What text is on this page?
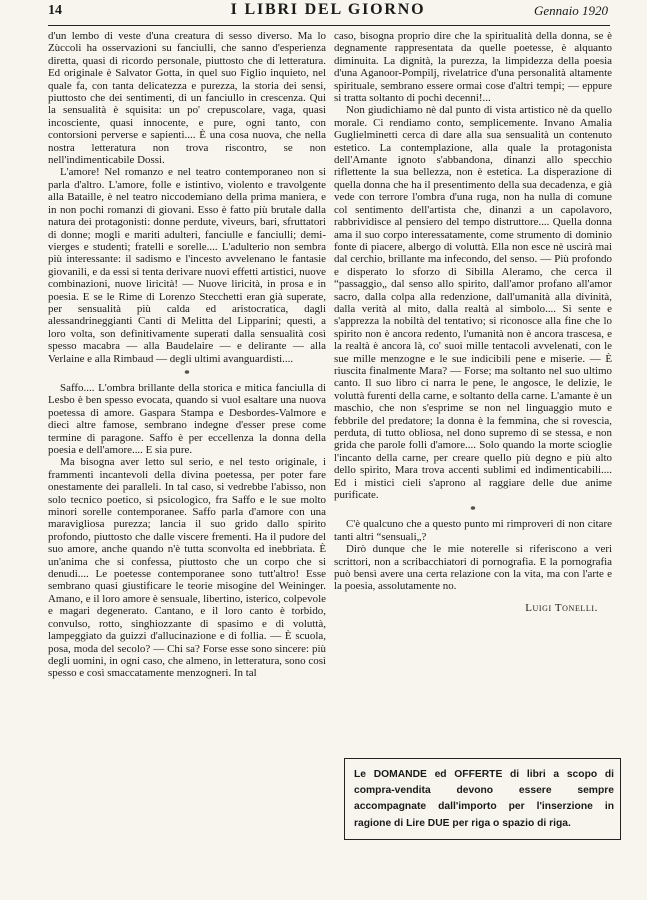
14	I LIBRI DEL GIORNO	Gennaio 1920

d'un lembo di veste d'una creatura di sesso diverso. Ma lo Zùccoli ha osservazioni su fanciulli, che sanno d'esperienza diretta, quasi di ricordo personale, piuttosto che di letteratura. Ed originale è Salvator Gotta, in quel suo Figlio inquieto, nel quale fa, con tanta delicatezza e purezza, la storia dei sensi, piuttosto che dei sentimenti, di un fanciullo in crescenza. Qui la sensualità è squisita: un po' crepuscolare, vaga, quasi incosciente, quasi innocente, e pure, ogni tanto, con contorsioni perverse e sapienti.... È una cosa nuova, che nella nostra letteratura non trova riscontro, se non nell'indimenticabile Dossi.

L'amore! Nel romanzo e nel teatro contemporaneo non si parla d'altro. L'amore, folle e istintivo, violento e travolgente alla Bataille, è nel teatro niccodemiano della prima maniera, e in non pochi romanzi di giovani. Esso è fatto più brutale dalla natura dei protagonisti: donne perdute, viveurs, bari, sfruttatori di donne; mogli e mariti adulteri, fanciulle e fanciulli; demi-vierges e studenti; fratelli e sorelle.... L'adulterio non sembra più interessante: il sadismo e l'incesto avvelenano le fantasie giovanili, e da essi si tenta derivare nuovi effetti artistici, nuove combinazioni, nuove liricità! — Nuove liricità, in prosa e in poesia. E se le Rime di Lorenzo Stecchetti eran già superate, per sensualità più calda ed aristocratica, dagli alessandrineggianti Canti di Melitta del Lipparini; questi, a loro volta, son definitivamente superati dalla sensualità così spesso macabra — alla Baudelaire — e delirante — alla Verlaine e alla Rimbaud — degli ultimi avanguardisti....

*

Saffo.... L'ombra brillante della storica e mitica fanciulla di Lesbo è ben spesso evocata, quando si vuol esaltare una nuova poetessa di amore. Gaspara Stampa e Desbordes-Valmore e dieci altre famose, sembrano indegne d'esser prese come termine di paragone. Saffo è per eccellenza la donna della poesia e dell'amore.... E sia pure.

Ma bisogna aver letto sul serio, e nel testo originale, i frammenti incantevoli della divina poetessa, per poter fare onestamente dei paralleli. In tal caso, si vedrebbe l'abisso, non solo tecnico poetico, sì psicologico, fra Saffo e le sue molto minori sorelle contemporanee. Saffo parla d'amore con una maravigliosa purezza; lancia il suo grido dallo spirito profondo, piuttosto che dalle viscere frementi. Ha il pudore del suo amore, anche quando n'è tutta sconvolta ed inebbriata. È un'anima che si confessa, piuttosto che un corpo che si denudi.... Le poetesse contemporanee sono tutt'altro! Esse sembrano quasi giustificare le teorie misogine del Weininger. Amano, e il loro amore è sensuale, libertino, isterico, colpevole e magari degenerato. Cantano, e il loro canto è torbido, convulso, rotto, singhiozzante di spasimo e di voluttà, lampeggiato da guizzi d'allucinazione e di follia. — È scuola, posa, moda del secolo? — Chi sa? Forse esse sono sincere: più degli uomini, in ogni caso, che almeno, in letteratura, sono così spesso e così smaccatamente menzogneri. In tal

caso, bisogna proprio dire che la spiritualità della donna, se è degnamente rappresentata da quelle poetesse, è alquanto diminuita. La dignità, la purezza, la limpidezza della poesia d'una Aganoor-Pompilj, rivelatrice d'una personalità altamente spirituale, sembrano essere ormai cose d'altri tempi; — eppure si tratta soltanto di pochi decenni!...

Non giudichiamo nè dal punto di vista artistico nè da quello morale. Ci rendiamo conto, semplicemente. Invano Amalia Guglielminetti cerca di dare alla sua sensualità un contenuto estetico. La contemplazione, alla quale la protagonista dell'Amante ignoto s'abbandona, dinanzi allo specchio riflettente la sua bellezza, non è estetica. La disperazione di quella donna che ha il presentimento della sua decadenza, e già vede con terrore l'ombra d'una ruga, non ha nulla di comune col sentimento dell'artista che, dinanzi a un capolavoro, rabbrividisce al pensiero del tempo distruttore.... Quella donna ama il suo corpo interessatamente, come strumento di dominio fonte di piacere, albergo di voluttà. Ella non esce nè uscirà mai dal cerchio, brillante ma infecondo, del senso. — Più profondo e disperato lo sforzo di Sibilla Aleramo, che cerca il “passaggio„ dal senso allo spirito, dall'amor profano all'amor sacro, dalla colpa alla redenzione, dall'umanità alla divinità, dalla verità al mito, dalla realtà al simbolo.... Si sente e s'apprezza la nobiltà del tentativo; si riconosce alla fine che lo spirito non è ancora redento, l'umanità non è ancora trascesa, e la realtà è ancora là, co' suoi mille tentacoli avvelenati, con le sue mille menzogne e le sue indicibili pene e miserie. — È riuscita finalmente Mara? — Forse; ma soltanto nel suo ultimo canto. Il suo libro ci narra le pene, le angosce, le delizie, le voluttà furenti della carne, e soltanto della carne. L'amante è un maschio, che non s'esprime se non nel linguaggio muto e febbrile del predatore; la donna è la femmina, che si rovescia, perduta, di tutto obliosa, nel dono supremo di se stessa, e non grida che parole folli d'amore.... Solo quando la morte scioglie l'incanto della carne, per creare quello più degno e più alto dello spirito, Mara trova accenti sublimi ed indimenticabili.... Ed i mistici cieli s'aprono al raggiare delle due anime purificate.

*

C'è qualcuno che a questo punto mi rimproveri di non citare tanti altri “sensuali„?

Dirò dunque che le mie noterelle si riferiscono a veri scrittori, non a scribacchiatori di pornografia. E la pornografia può bensì avere una certa relazione con la vita, ma con l'arte e la poesia, assolutamente no.

Luigi Tonelli.
Le DOMANDE ed OFFERTE di libri a scopo di compra-vendita devono essere sempre accompagnate dall'importo per l'inserzione in ragione di Lire DUE per riga o spazio di riga.
